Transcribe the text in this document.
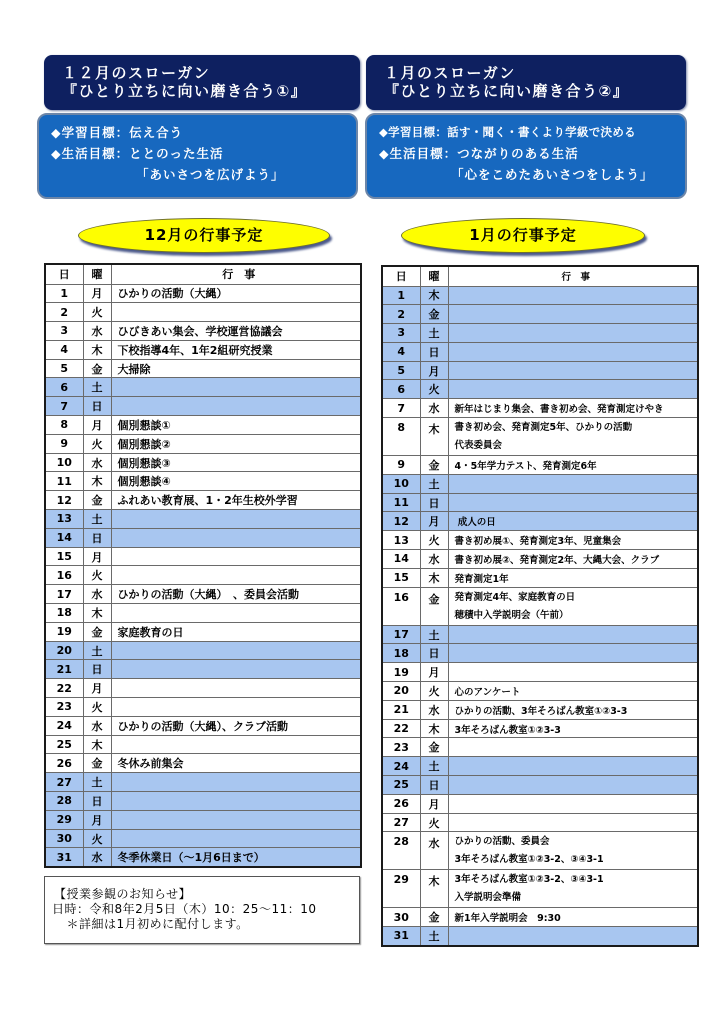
１２月のスローガン
『ひとり立ちに向い磨き合う①』
◆学習目標：伝え合う
◆生活目標：ととのった生活
「あいさつを広げよう」
１月のスローガン
『ひとり立ちに向い磨き合う②』
◆学習目標：話す・聞く・書くより学級で決める
◆生活目標：つながりのある生活
「心をこめたあいさつをしよう」
12月の行事予定	1月の行事予定
日	曜	行　事
1	月	ひかりの活動（大縄）

2	火	

3	水	ひびきあい集会、学校運営協議会

4	木	下校指導4年、1年2組研究授業

5	金	大掃除

6	土	

7	日	

8	月	個別懇談①

9	火	個別懇談②

10	水	個別懇談③

11	木	個別懇談④

12	金	ふれあい教育展、1・2年生校外学習

13	土	

14	日	

15	月	

16	火	

17	水	ひかりの活動（大縄）　、委員会活動

18	木	

19	金	家庭教育の日

20	土	

21	日	

22	月	

23	火	

24	水	ひかりの活動（大縄）、クラブ活動

25	木	

26	金	冬休み前集会

27	土	

28	日	

29	月	

30	火	

31	水	冬季休業日（～1月6日まで）
日	曜	行　事
1	木	

2	金	

3	土	

4	日	

5	月	

6	火	

7	水	新年はじまり集会、書き初め会、発育測定けやき

8	木	書き初め会、発育測定5年、ひかりの活動
代表委員会

9	金	4・5年学力テスト、発育測定6年

10	土	

11	日	

12	月	成人の日

13	火	書き初め展①、発育測定3年、児童集会

14	水	書き初め展②、発育測定2年、大縄大会、クラブ

15	木	発育測定1年

16	金	発育測定4年、家庭教育の日
穂積中入学説明会（午前）

17	土	

18	日	

19	月	

20	火	心のアンケート

21	水	ひかりの活動、3年そろばん教室①②3-3

22	木	3年そろばん教室①②3-3

23	金	

24	土	

25	日	

26	月	

27	火	

28	水	ひかりの活動、委員会
3年そろばん教室①②3-2、③④3-1

29	木	3年そろばん教室①②3-2、③④3-1
入学説明会準備

30	金	新1年入学説明会　9:30

31	土	
【授業参観のお知らせ】
日時：令和8年2月5日（木）10：25～11：10
　＊詳細は1月初めに配付します。
